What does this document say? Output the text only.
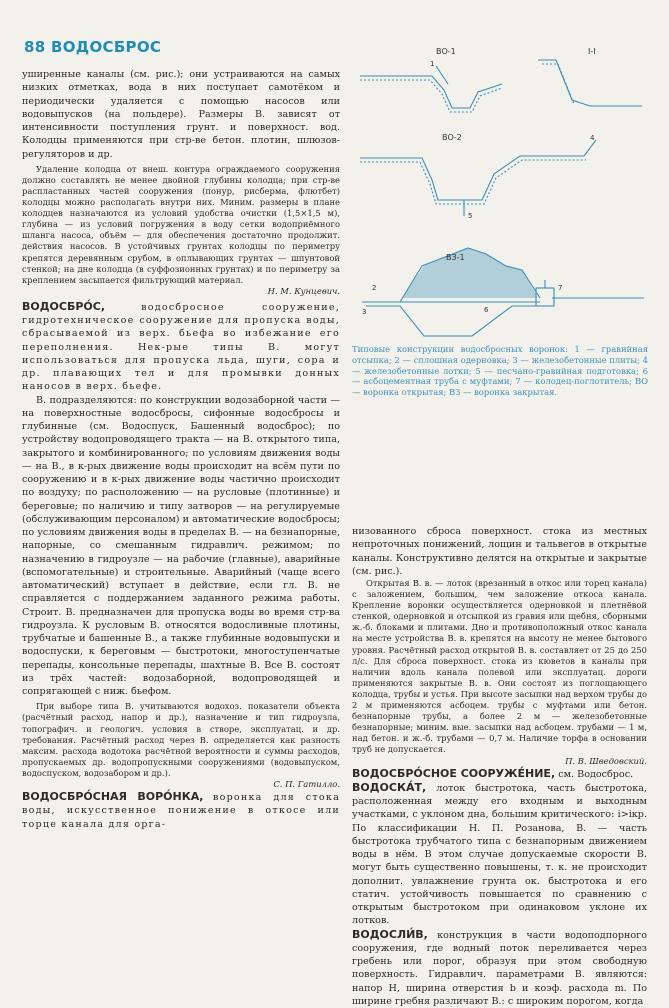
88 ВОДОСБРОС

уширенные каналы (см. рис.); они устраиваются на самых низких отметках, вода в них поступает самотёком и периодически удаляется с помощью насосов или водовыпусков (на польдере). Размеры В. зависят от интенсивности поступления грунт. и поверхност. вод. Колодцы применяются при стр-ве бетон. плотин, шлюзов-регуляторов и др.

Удаление колодца от внеш. контура ограждаемого сооружения должно составлять не менее двойной глубины колодца; при стр-ве распластанных частей сооружения (понур, рисберма, флютбет) колодцы можно располагать внутри них. Миним. размеры в плане колодцев назначаются из условий удобства очистки (1,5×1,5 м), глубина — из условий погружения в воду сетки водоприёмного шланга насоса, объём — для обеспечения достаточно продолжит. действия насосов. В устойчивых грунтах колодцы по периметру крепятся деревянным срубом, в оплывающих грунтах — шпунтовой стенкой; на дне колодца (в суффозионных грунтах) и по периметру за креплением засыпается фильтрующий материал.

Н. М. Кунцевич.

ВОДОСБРО́С,	водосбросное сооружение, гидротехническое сооружение для пропуска воды, сбрасываемой из верх. бьефа во избежание его переполнения. Нек-рые типы В. могут использоваться для пропуска льда, шуги, сора и др. плавающих тел и для промывки донных наносов в верх. бьефе.

В. подразделяются: по конструкции водозаборной части — на поверхностные водосбросы, сифонные водосбросы и глубинные (см. Водоспуск, Башенный водосброс); по устройству водопроводящего тракта — на В. открытого типа, закрытого и комбинированного; по условиям движения воды — на В., в к-рых движение воды происходит на всём пути по сооружению и в к-рых движение воды частично происходит по воздуху; по расположению — на русловые (плотинные) и береговые; по наличию и типу затворов — на регулируемые (обслуживающим персоналом) и автоматические водосбросы; по условиям движения воды в пределах В. — на безнапорные, напорные, со смешанным гидравлич. режимом; по назначению в гидроузле — на рабочие (главные), аварийные (вспомогательные) и строительные. Аварийный (чаще всего автоматический) вступает в действие, если гл. В. не справляется с поддержанием заданного режима работы. Строит. В. предназначен для пропуска воды во время стр-ва гидроузла. К русловым В. относятся водосливные плотины, трубчатые и башенные В., а также глубинные водовыпуски и водоспуски, к береговым — быстротоки, многоступенчатые перепады, консольные перепады, шахтные В. Все В. состоят из трёх частей: водозаборной, водопроводящей и сопрягающей с ниж. бьефом.

При выборе типа В. учитываются водохоз. показатели объекта (расчётный расход, напор и др.), назначение и тип гидроузла, топографич. и геологич. условия в створе, эксплуатац. и др. требования. Расчётный расход через В. определяется как разность максим. расхода водотока расчётной вероятности и суммы расходов, пропускаемых др. водопропускными сооружениями (водовыпуском, водоспуском, водозабором и др.).

С. П. Гатилло.

ВОДОСБРО́СНАЯ ВОРО́НКА, воронка для стока воды, искусственное понижение в откосе или торце канала для орга-

ВО-1	І-І
ВО-2
ВЗ-1
1
2
3
4
5
6
7
Типовые конструкции водосбросных воронок: 1 — гравийная отсыпка; 2 — сплошная одерновка; 3 — железобетонные плиты; 4 — железобетонные лотки; 5 — песчано-гравийная подготовка; 6 — асбоцементная труба с муфтами; 7 — колодец-поглотитель; ВО — воронка открытая; ВЗ — воронка закрытая.

низованного сброса поверхност. стока из местных непроточных понижений, лощин и тальвегов в открытые каналы. Конструктивно делятся на открытые и закрытые (см. рис.).

Открытая В. в. — лоток (врезанный в откос или торец канала) с заложением, большим, чем заложение откоса канала. Крепление воронки осуществляется одерновкой и плетнёвой стенкой, одерновкой и отсыпкой из гравия или щебня, сборными ж.-б. блоками и плитами. Дно и противоположный откос канала на месте устройства В. в. крепятся на высоту не менее бытового уровня. Расчётный расход открытой В. в. составляет от 25 до 250 л/с. Для сброса поверхност. стока из кюветов в каналы при наличии вдоль канала полевой или эксплуатац. дороги применяются закрытые В. в. Они состоят из поглощающего колодца, трубы и устья. При высоте засыпки над верхом трубы до 2 м применяются асбоцем. трубы с муфтами или бетон. безнапорные трубы, а более 2 м — железобетонные безнапорные; миним. вые. засыпки над асбоцем. трубами — 1 м, над бетон. и ж.-б. трубами — 0,7 м. Наличие торфа в основании труб не допускается.

П. В. Шведовский.

ВОДОСБРО́СНОЕ СООРУЖЕ́НИЕ, см. Водосброс.

ВОДОСКА́Т, лоток быстротока, часть быстротока, расположенная между его входным и выходным участками, с уклоном дна, большим критического: i>iкр. По классификации Н. П. Розанова, В. — часть быстротока трубчатого типа с безнапорным движением воды в нём. В этом случае допускаемые скорости В. могут быть существенно повышены, т. к. не происходит дополнит. увлажнение грунта ок. быстротока и его статич. устойчивость повышается по сравнению с открытым быстротоком при одинаковом уклоне их лотков.

ВОДОСЛИ́В, конструкция в части водоподпорного сооружения, где водный поток переливается через гребень или порог, образуя при этом свободную поверхность. Гидравлич. параметрами В. являются: напор H, ширина отверстия b и коэф. расхода m. По ширине гребня различают В.: с широким порогом, когда
